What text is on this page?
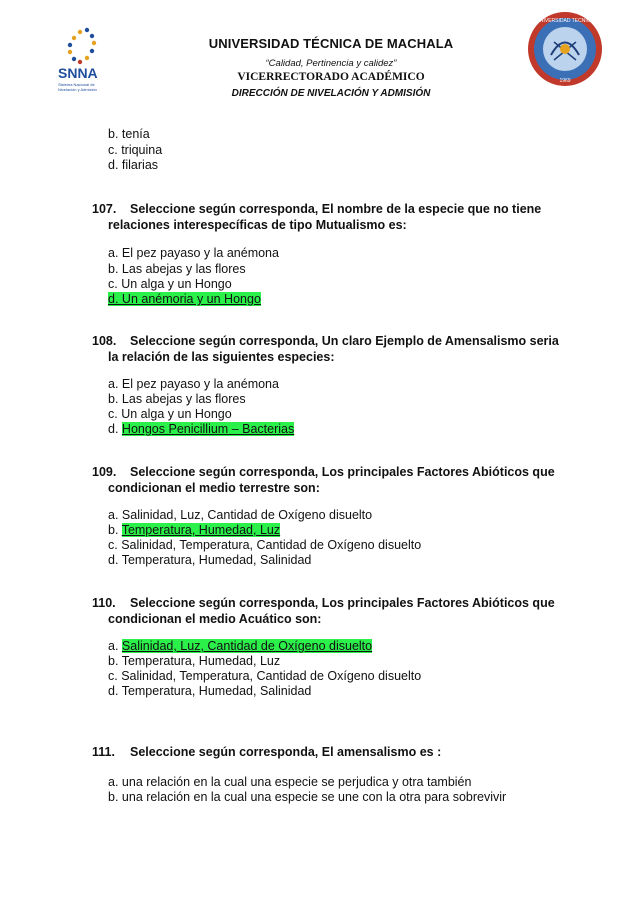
SNNA
Sistema Nacional de
Nivelación y Admisión
UNIVERSIDAD TECNICA
1969
UNIVERSIDAD TÉCNICA DE MACHALA
“Calidad, Pertinencia y calidez”
VICERRECTORADO ACADÉMICO
DIRECCIÓN DE NIVELACIÓN Y ADMISIÓN
b. tenía
c. triquina
d. filarias
107. Seleccione según corresponda, El nombre de la especie que no tiene
relaciones interespecíficas de tipo Mutualismo es:
a. El pez payaso y la anémona
b. Las abejas y las flores
c. Un alga y un Hongo
d. Un anémoria y un Hongo
108. Seleccione según corresponda, Un claro Ejemplo de Amensalismo seria
la relación de las siguientes especies:
a. El pez payaso y la anémona
b. Las abejas y las flores
c. Un alga y un Hongo
d. Hongos Penicillium – Bacterias
109. Seleccione según corresponda, Los principales Factores Abióticos que
condicionan el medio terrestre son:
a. Salinidad, Luz, Cantidad de Oxígeno disuelto
b. Temperatura, Humedad, Luz
c. Salinidad, Temperatura, Cantidad de Oxígeno disuelto
d. Temperatura, Humedad, Salinidad
110. Seleccione según corresponda, Los principales Factores Abióticos que
condicionan el medio Acuático son:
a. Salinidad, Luz, Cantidad de Oxígeno disuelto
b. Temperatura, Humedad, Luz
c. Salinidad, Temperatura, Cantidad de Oxígeno disuelto
d. Temperatura, Humedad, Salinidad
111. Seleccione según corresponda, El amensalismo es :
a. una relación en la cual una especie se perjudica y otra también
b. una relación en la cual una especie se une con la otra para sobrevivir
